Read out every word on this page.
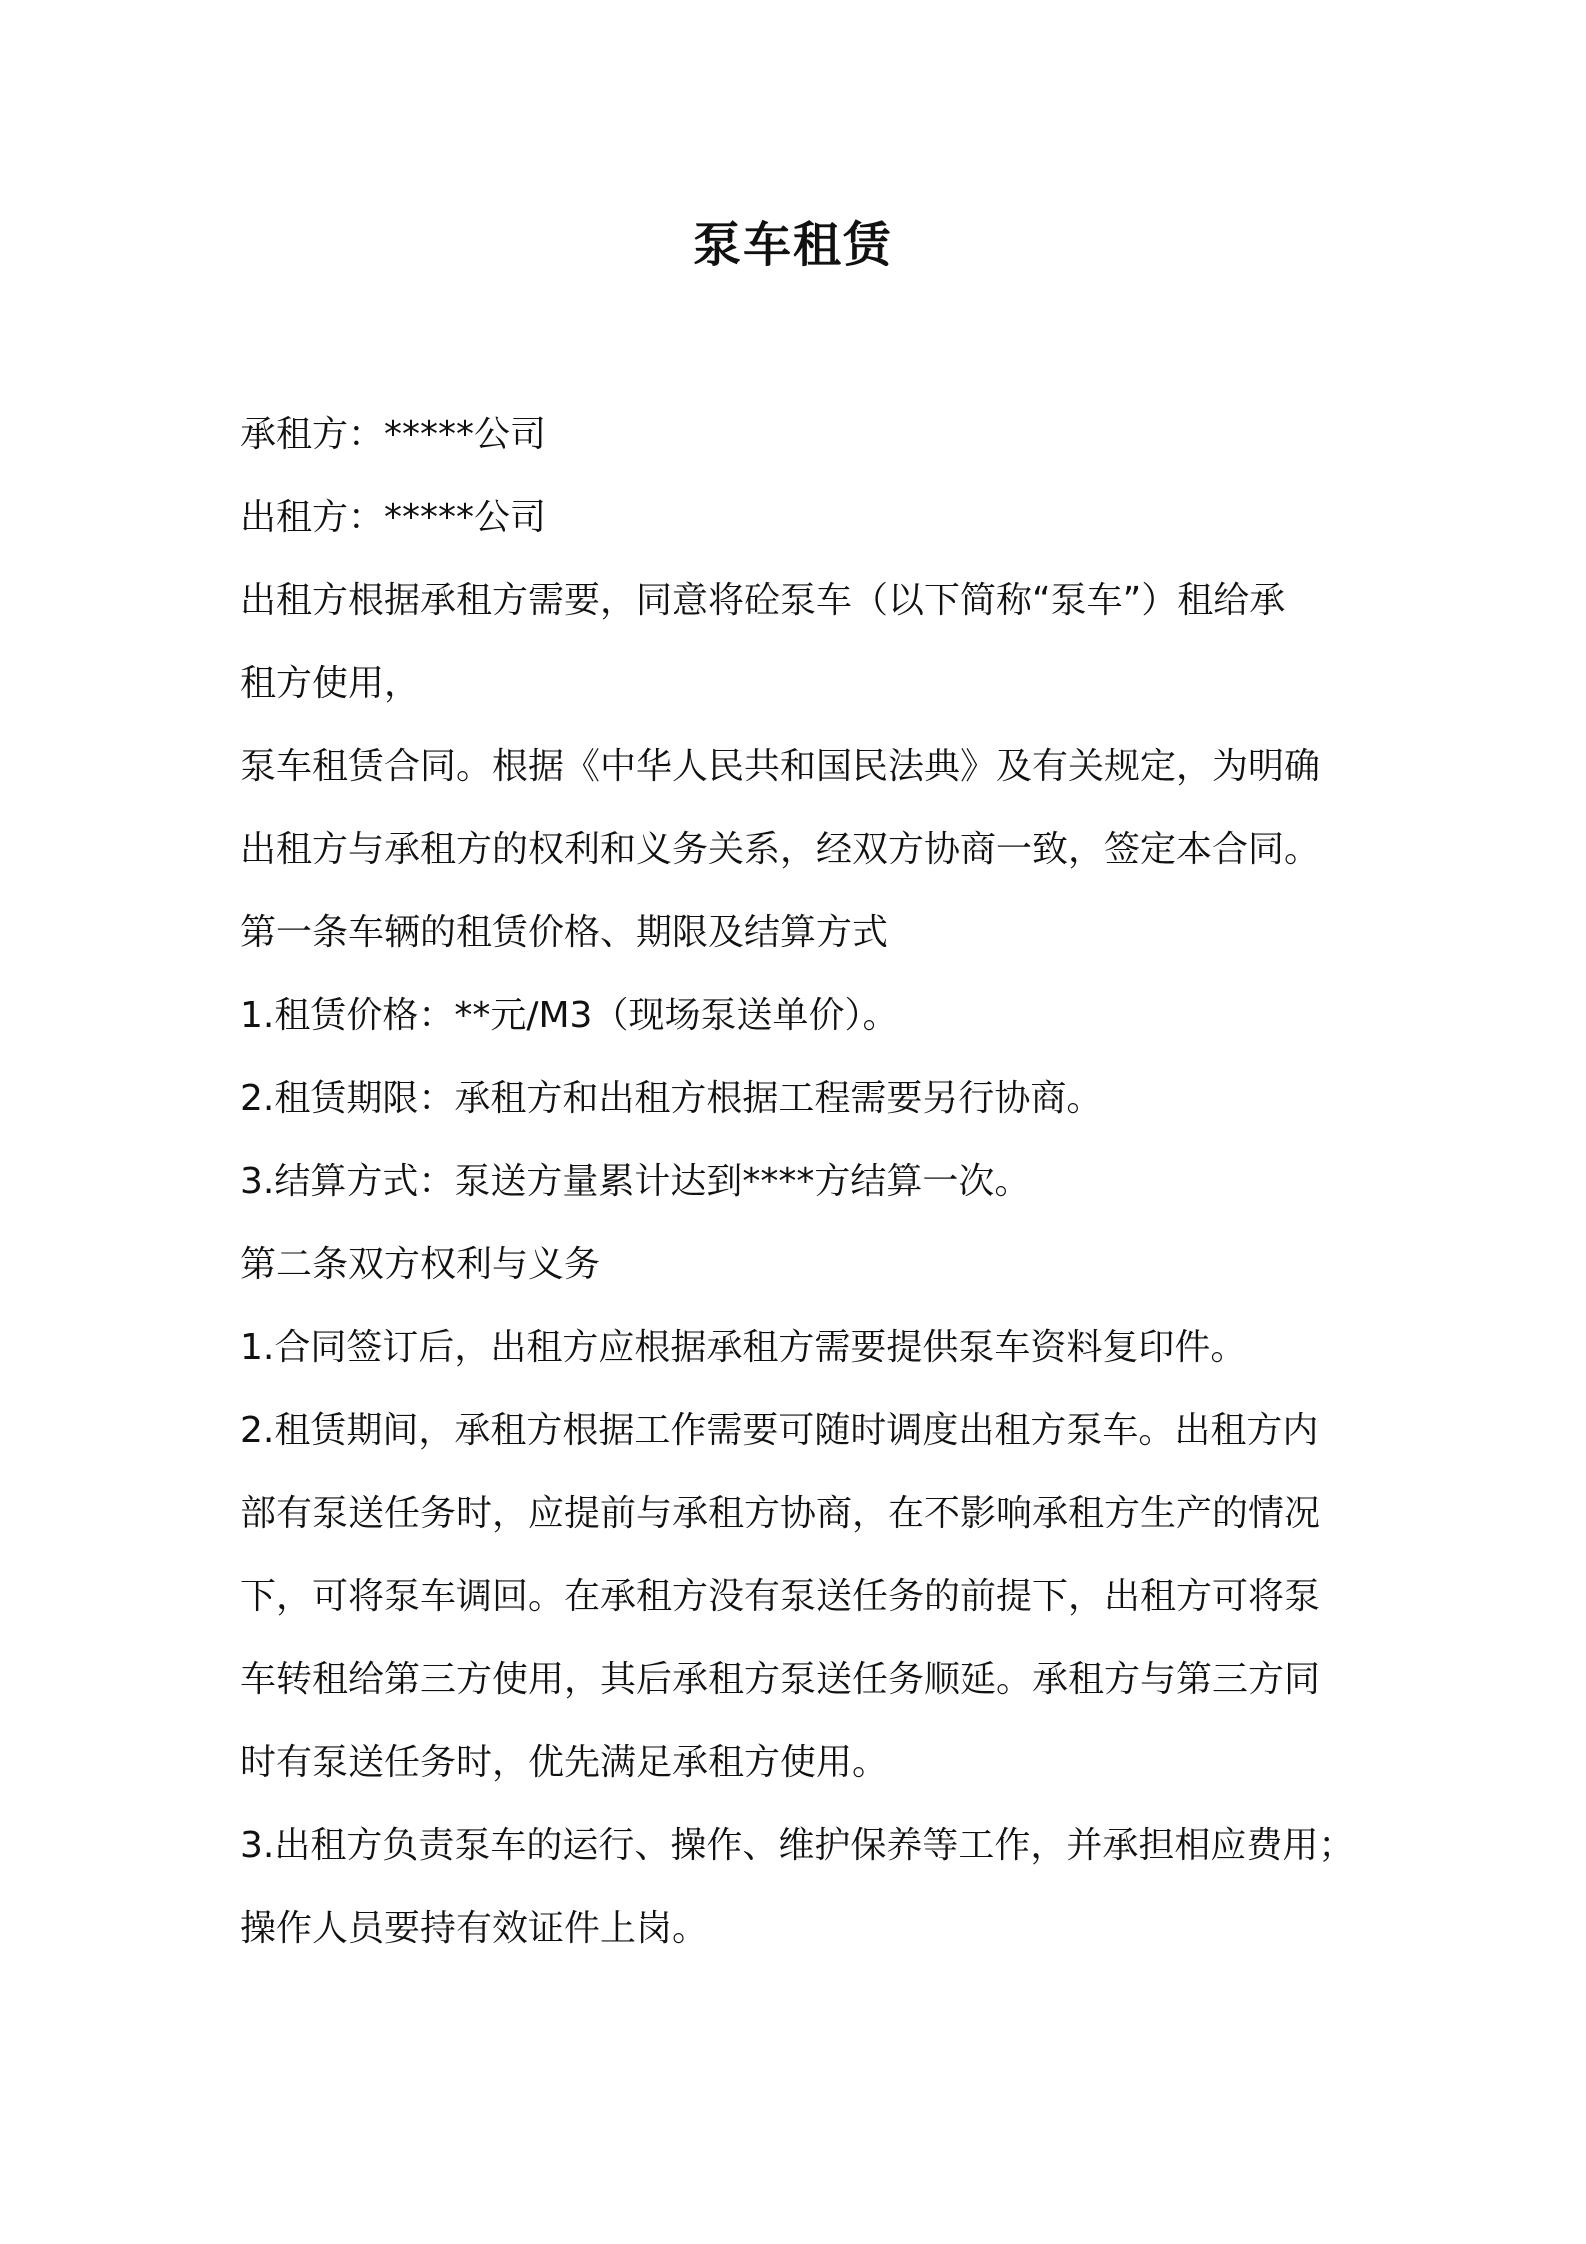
泵车租赁
承租方：*****公司
出租方：*****公司
出租方根据承租方需要，同意将砼泵车（以下简称“泵车”）租给承
租方使用，
泵车租赁合同。根据《中华人民共和国民法典》及有关规定，为明确
出租方与承租方的权利和义务关系，经双方协商一致，签定本合同。
第一条车辆的租赁价格、期限及结算方式
1.租赁价格：**元/M3（现场泵送单价）。
2.租赁期限：承租方和出租方根据工程需要另行协商。
3.结算方式：泵送方量累计达到****方结算一次。
第二条双方权利与义务
1.合同签订后，出租方应根据承租方需要提供泵车资料复印件。
2.租赁期间，承租方根据工作需要可随时调度出租方泵车。出租方内
部有泵送任务时，应提前与承租方协商，在不影响承租方生产的情况
下，可将泵车调回。在承租方没有泵送任务的前提下，出租方可将泵
车转租给第三方使用，其后承租方泵送任务顺延。承租方与第三方同
时有泵送任务时，优先满足承租方使用。
3.出租方负责泵车的运行、操作、维护保养等工作，并承担相应费用；
操作人员要持有效证件上岗。
